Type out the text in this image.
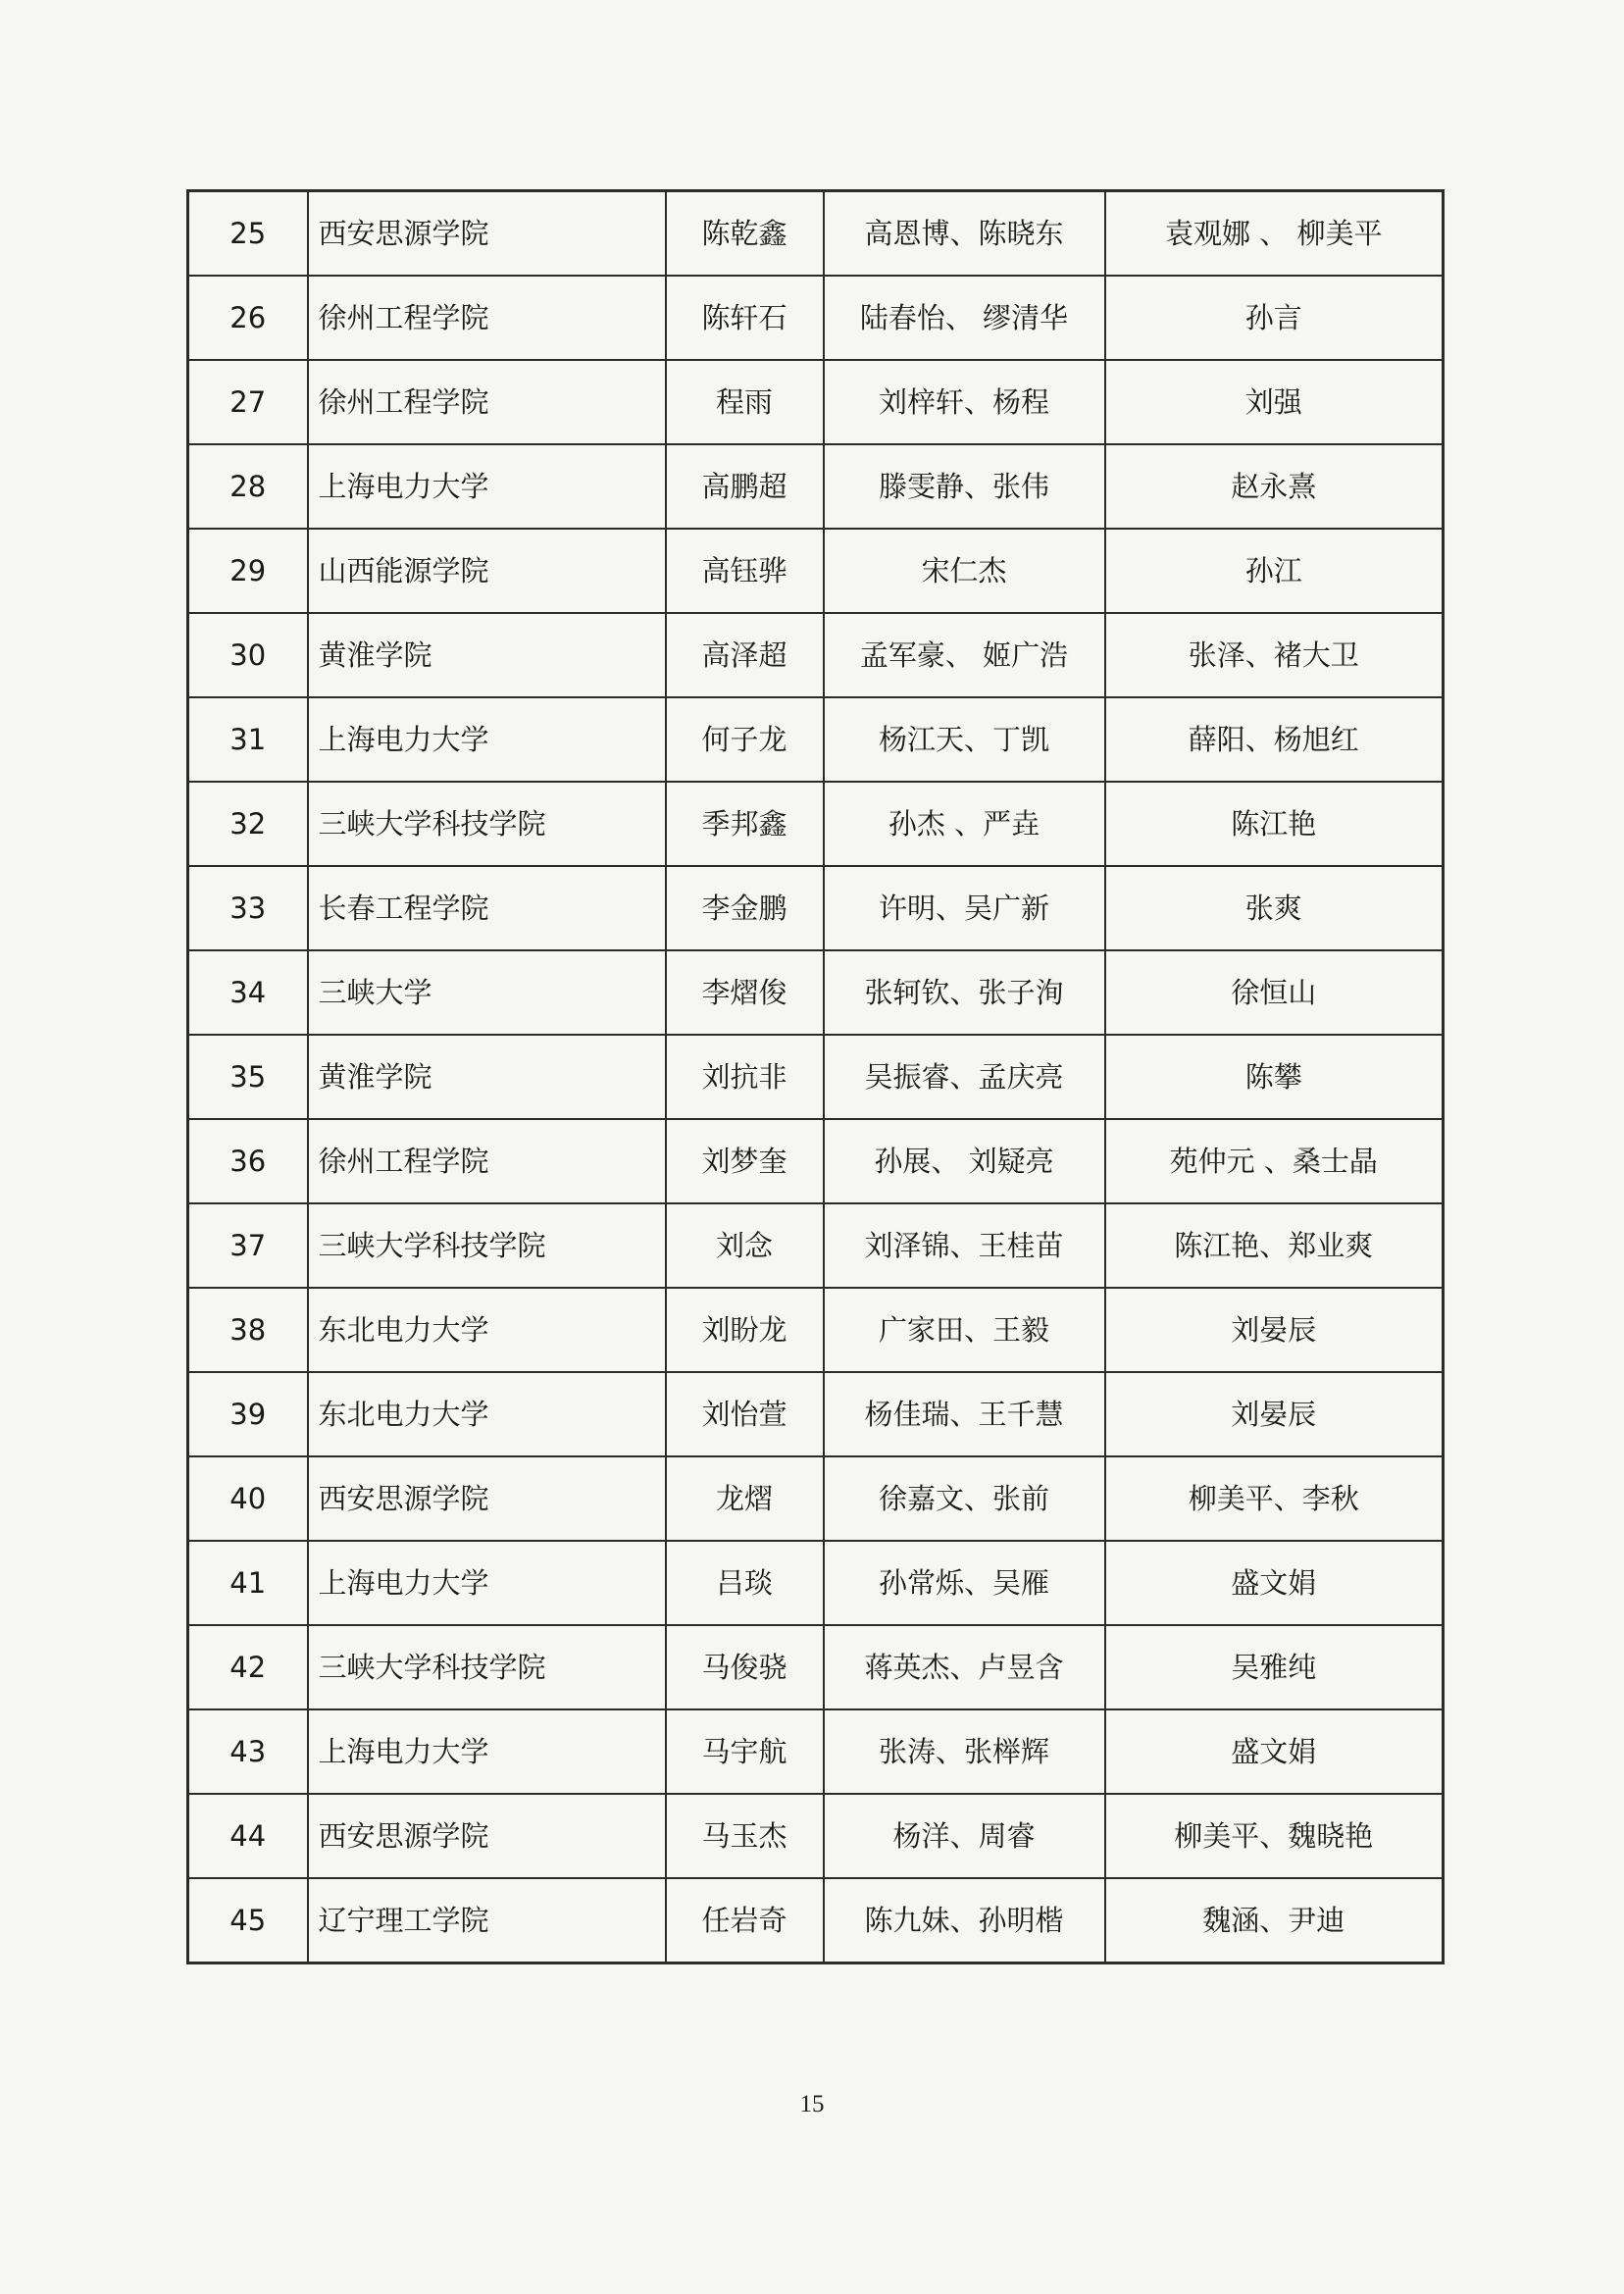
25	西安思源学院	陈乾鑫	高恩博、陈晓东	袁观娜 、 柳美平
26	徐州工程学院	陈轩石	陆春怡、 缪清华	孙言
27	徐州工程学院	程雨	刘梓轩、杨程	刘强
28	上海电力大学	高鹏超	滕雯静、张伟	赵永熹
29	山西能源学院	高钰骅	宋仁杰	孙江
30	黄淮学院	高泽超	孟军豪、 姬广浩	张泽、褚大卫
31	上海电力大学	何子龙	杨江天、丁凯	薛阳、杨旭红
32	三峡大学科技学院	季邦鑫	孙杰 、严垚	陈江艳
33	长春工程学院	李金鹏	许明、吴广新	张爽
34	三峡大学	李熠俊	张轲钦、张子洵	徐恒山
35	黄淮学院	刘抗非	吴振睿、孟庆亮	陈攀
36	徐州工程学院	刘梦奎	孙展、 刘疑亮	苑仲元 、桑士晶
37	三峡大学科技学院	刘念	刘泽锦、王桂苗	陈江艳、郑业爽
38	东北电力大学	刘盼龙	广家田、王毅	刘晏辰
39	东北电力大学	刘怡萱	杨佳瑞、王千慧	刘晏辰
40	西安思源学院	龙熠	徐嘉文、张前	柳美平、李秋
41	上海电力大学	吕琰	孙常烁、吴雁	盛文娟
42	三峡大学科技学院	马俊骁	蒋英杰、卢昱含	吴雅纯
43	上海电力大学	马宇航	张涛、张榉辉	盛文娟
44	西安思源学院	马玉杰	杨洋、周睿	柳美平、魏晓艳
45	辽宁理工学院	任岩奇	陈九妹、孙明楷	魏涵、尹迪
15
